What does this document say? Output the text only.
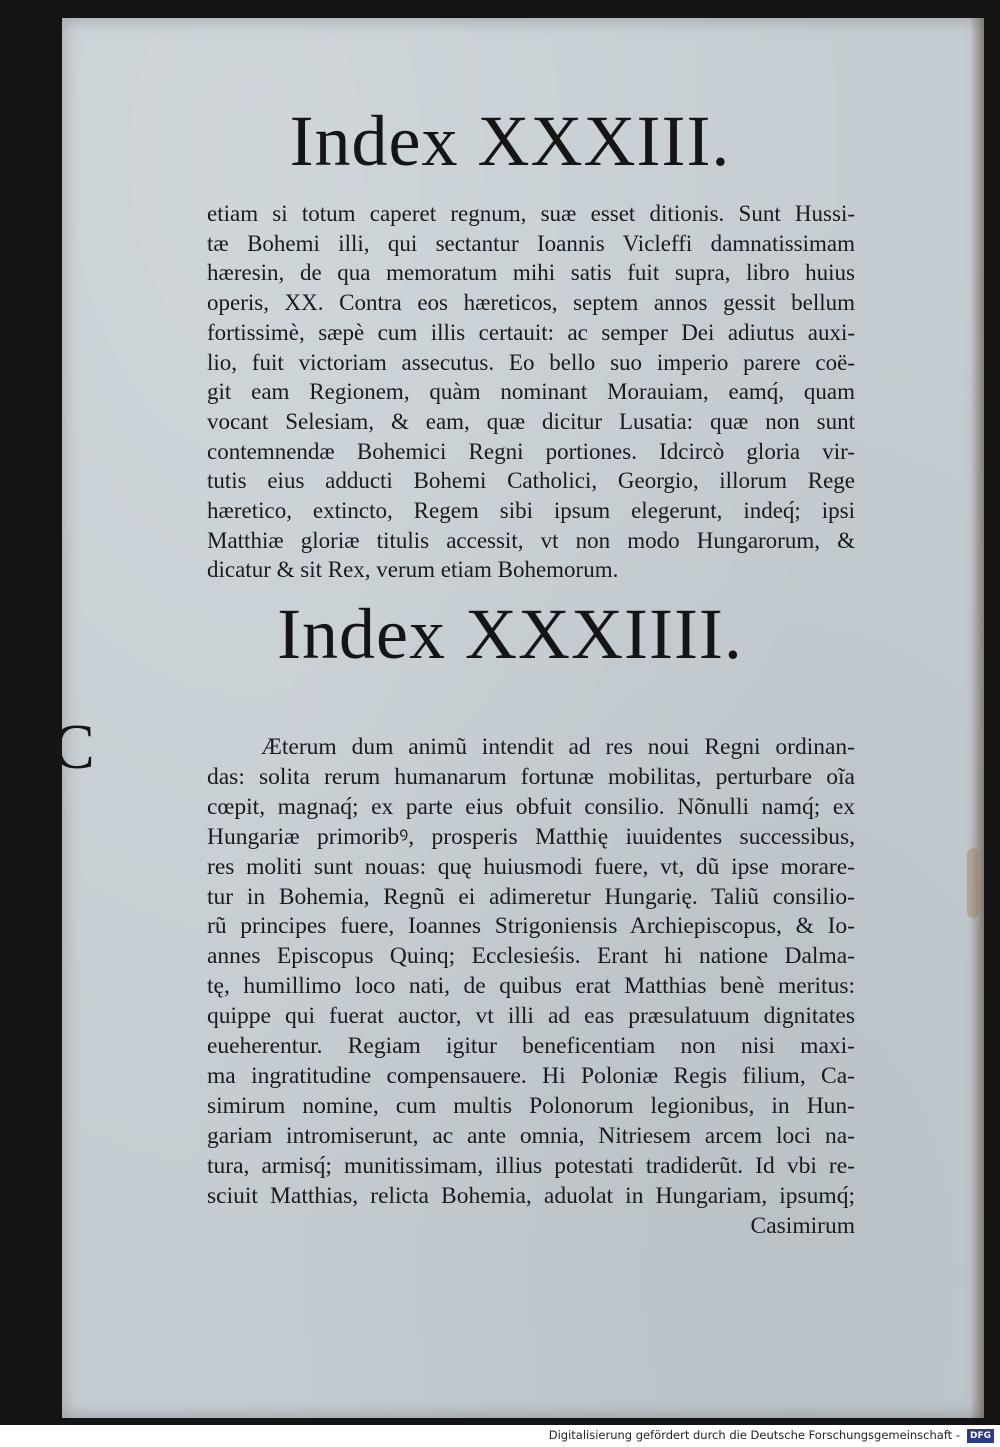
Index XXXIII.
etiam si totum caperet regnum, suæ esset ditionis. Sunt Hussi-
tæ Bohemi illi, qui sectantur Ioannis Vicleffi damnatissimam
hæresin, de qua memoratum mihi satis fuit supra, libro huius
operis, XX. Contra eos hæreticos, septem annos gessit bellum
fortissimè, sæpè cum illis certauit: ac semper Dei adiutus auxi-
lio, fuit victoriam assecutus. Eo bello suo imperio parere coë-
git eam Regionem, quàm nominant Morauiam, eamq́, quam
vocant Selesiam, & eam, quæ dicitur Lusatia: quæ non sunt
contemnendæ Bohemici Regni portiones. Idcircò gloria vir-
tutis eius adducti Bohemi Catholici, Georgio, illorum Rege
hæretico, extincto, Regem sibi ipsum elegerunt, indeq́; ipsi
Matthiæ gloriæ titulis accessit, vt non modo Hungarorum, &
dicatur & sit Rex, verum etiam Bohemorum.
Index XXXIIII.
C	Æterum dum animũ intendit ad res noui Regni ordinan-
das: solita rerum humanarum fortunæ mobilitas, perturbare oĩa
cœpit, magnaq́; ex parte eius obfuit consilio. Nõnulli namq́; ex
Hungariæ primoribꝰ, prosperis Matthię iuuidentes successibus,
res moliti sunt nouas: quę huiusmodi fuere, vt, dũ ipse morare-
tur in Bohemia, Regnũ ei adimeretur Hungarię. Taliũ consilio-
rũ principes fuere, Ioannes Strigoniensis Archiepiscopus, & Io-
annes Episcopus Quinq; Ecclesieśis. Erant hi natione Dalma-
tę, humillimo loco nati, de quibus erat Matthias benè meritus:
quippe qui fuerat auctor, vt illi ad eas præsulatuum dignitates
eueherentur. Regiam igitur beneficentiam non nisi maxi-
ma ingratitudine compensauere. Hi Poloniæ Regis filium, Ca-
simirum nomine, cum multis Polonorum legionibus, in Hun-
gariam intromiserunt, ac ante omnia, Nitriesem arcem loci na-
tura, armisq́; munitissimam, illius potestati tradiderũt. Id vbi re-
sciuit Matthias, relicta Bohemia, aduolat in Hungariam, ipsumq́;
Casimirum
Digitalisierung gefördert durch die Deutsche Forschungsgemeinschaft -	DFG
